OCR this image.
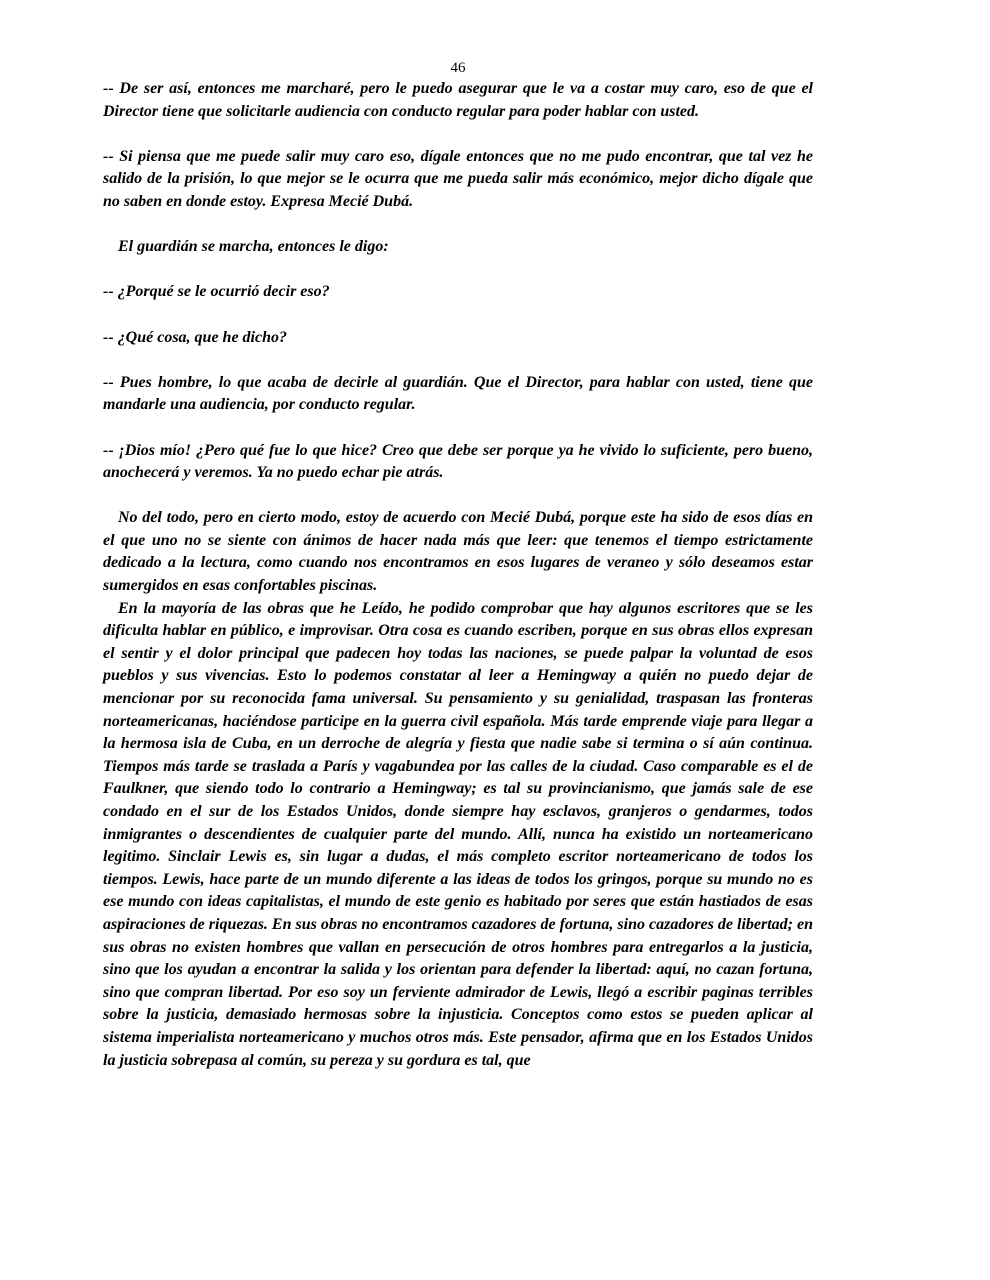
46

-- De ser así, entonces me marcharé, pero le puedo asegurar que le va a costar muy caro, eso de que el Director tiene que solicitarle audiencia con conducto regular para poder hablar con usted.

-- Si piensa que me puede salir muy caro eso, dígale entonces que no me pudo encontrar, que tal vez he salido de la prisión, lo que mejor se le ocurra que me pueda salir más económico, mejor dicho dígale que no saben en donde estoy. Expresa Mecié Dubá.

El guardián se marcha, entonces le digo:

-- ¿Porqué se le ocurrió decir eso?

-- ¿Qué cosa, que he dicho?

-- Pues hombre, lo que acaba de decirle al guardián. Que el Director, para hablar con usted, tiene que mandarle una audiencia, por conducto regular.

-- ¡Dios mío! ¿Pero qué fue lo que hice? Creo que debe ser porque ya he vivido lo suficiente, pero bueno, anochecerá y veremos. Ya no puedo echar pie atrás.

No del todo, pero en cierto modo, estoy de acuerdo con Mecié Dubá, porque este ha sido de esos días en el que uno no se siente con ánimos de hacer nada más que leer: que tenemos el tiempo estrictamente dedicado a la lectura, como cuando nos encontramos en esos lugares de veraneo y sólo deseamos estar sumergidos en esas confortables piscinas.

En la mayoría de las obras que he Leído, he podido comprobar que hay algunos escritores que se les dificulta hablar en público, e improvisar. Otra cosa es cuando escriben, porque en sus obras ellos expresan el sentir y el dolor principal que padecen hoy todas las naciones, se puede palpar la voluntad de esos pueblos y sus vivencias. Esto lo podemos constatar al leer a Hemingway a quién no puedo dejar de mencionar por su reconocida fama universal. Su pensamiento y su genialidad, traspasan las fronteras norteamericanas, haciéndose participe en la guerra civil española. Más tarde emprende viaje para llegar a la hermosa isla de Cuba, en un derroche de alegría y fiesta que nadie sabe si termina o sí aún continua. Tiempos más tarde se traslada a París y vagabundea por las calles de la ciudad. Caso comparable es el de Faulkner, que siendo todo lo contrario a Hemingway; es tal su provincianismo, que jamás sale de ese condado en el sur de los Estados Unidos, donde siempre hay esclavos, granjeros o gendarmes, todos inmigrantes o descendientes de cualquier parte del mundo. Allí, nunca ha existido un norteamericano legitimo. Sinclair Lewis es, sin lugar a dudas, el más completo escritor norteamericano de todos los tiempos. Lewis, hace parte de un mundo diferente a las ideas de todos los gringos, porque su mundo no es ese mundo con ideas capitalistas, el mundo de este genio es habitado por seres que están hastiados de esas aspiraciones de riquezas. En sus obras no encontramos cazadores de fortuna, sino cazadores de libertad; en sus obras no existen hombres que vallan en persecución de otros hombres para entregarlos a la justicia, sino que los ayudan a encontrar la salida y los orientan para defender la libertad: aquí, no cazan fortuna, sino que compran libertad. Por eso soy un ferviente admirador de Lewis, llegó a escribir paginas terribles sobre la justicia, demasiado hermosas sobre la injusticia. Conceptos como estos se pueden aplicar al sistema imperialista norteamericano y muchos otros más. Este pensador, afirma que en los Estados Unidos la justicia sobrepasa al común, su pereza y su gordura es tal, que
